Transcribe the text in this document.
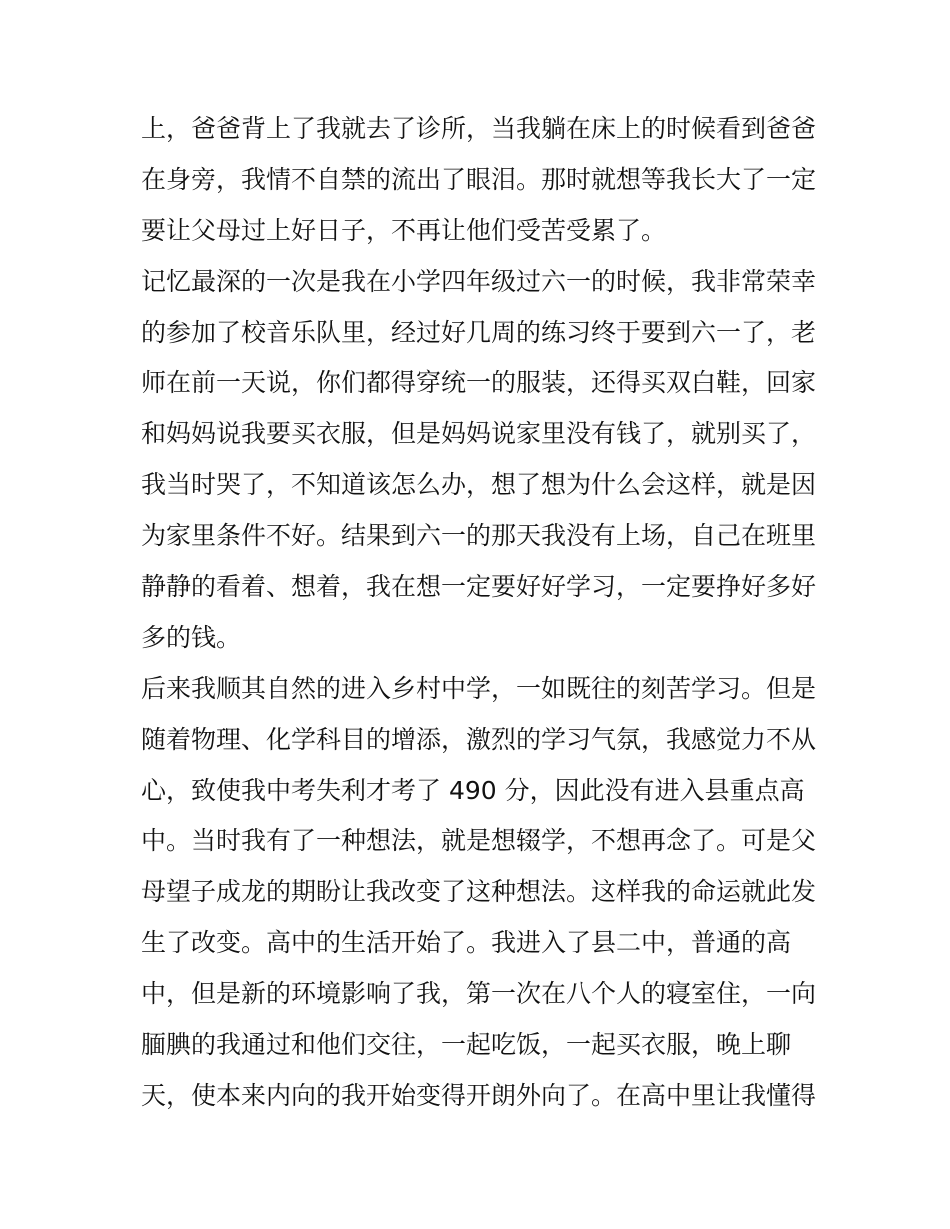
上，爸爸背上了我就去了诊所，当我躺在床上的时候看到爸爸
在身旁，我情不自禁的流出了眼泪。那时就想等我长大了一定
要让父母过上好日子，不再让他们受苦受累了。
记忆最深的一次是我在小学四年级过六一的时候，我非常荣幸
的参加了校音乐队里，经过好几周的练习终于要到六一了，老
师在前一天说，你们都得穿统一的服装，还得买双白鞋，回家
和妈妈说我要买衣服，但是妈妈说家里没有钱了，就别买了，
我当时哭了，不知道该怎么办，想了想为什么会这样，就是因
为家里条件不好。结果到六一的那天我没有上场，自己在班里
静静的看着、想着，我在想一定要好好学习，一定要挣好多好
多的钱。
后来我顺其自然的进入乡村中学，一如既往的刻苦学习。但是
随着物理、化学科目的增添，激烈的学习气氛，我感觉力不从
心，致使我中考失利才考了 490 分，因此没有进入县重点高
中。当时我有了一种想法，就是想辍学，不想再念了。可是父
母望子成龙的期盼让我改变了这种想法。这样我的命运就此发
生了改变。高中的生活开始了。我进入了县二中，普通的高
中，但是新的环境影响了我，第一次在八个人的寝室住，一向
腼腆的我通过和他们交往，一起吃饭，一起买衣服，晚上聊
天，使本来内向的我开始变得开朗外向了。在高中里让我懂得
